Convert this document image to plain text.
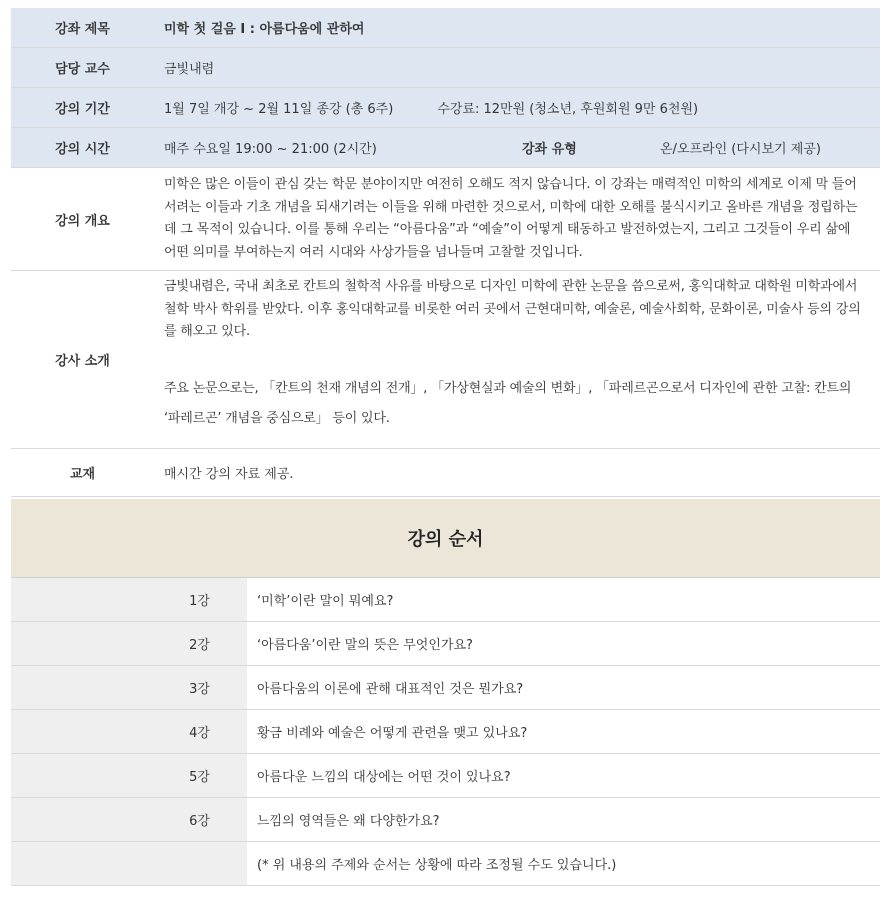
강좌 제목	미학 첫 걸음 I : 아름다움에 관하여
담당 교수	금빛내렴
강의 기간	1월 7일 개강 ~ 2월 11일 종강 (총 6주) 수강료: 12만원 (청소년, 후원회원 9만 6천원)

강의 시간	매주 수요일 19:00 ~ 21:00 (2시간) 강좌 유형 온/오프라인 (다시보기 제공)

강의 개요	미학은 많은 이들이 관심 갖는 학문 분야이지만 여전히 오해도 적지 않습니다. 이 강좌는 매력적인 미학의 세계로 이제 막 들어서려는 이들과 기초 개념을 되새기려는 이들을 위해 마련한 것으로서, 미학에 대한 오해를 불식시키고 올바른 개념을 정립하는 데 그 목적이 있습니다. 이를 통해 우리는 “아름다움”과 “예술”이 어떻게 태동하고 발전하였는지, 그리고 그것들이 우리 삶에 어떤 의미를 부여하는지 여러 시대와 사상가들을 넘나들며 고찰할 것입니다.

강사 소개	금빛내렴은, 국내 최초로 칸트의 철학적 사유를 바탕으로 디자인 미학에 관한 논문을 씀으로써, 홍익대학교 대학원 미학과에서 철학 박사 학위를 받았다. 이후 홍익대학교를 비롯한 여러 곳에서 근현대미학, 예술론, 예술사회학, 문화이론, 미술사 등의 강의를 해오고 있다.
주요 논문으로는, 「칸트의 천재 개념의 전개」, 「가상현실과 예술의 변화」, 「파레르곤으로서 디자인에 관한 고찰: 칸트의 ‘파레르곤’ 개념을 중심으로」 등이 있다.

교재	매시간 강의 자료 제공.
강의 순서
1강	‘미학’이란 말이 뭐예요?
2강	‘아름다움’이란 말의 뜻은 무엇인가요?
3강	아름다움의 이론에 관해 대표적인 것은 뭔가요?
4강	황금 비례와 예술은 어떻게 관련을 맺고 있나요?
5강	아름다운 느낌의 대상에는 어떤 것이 있나요?
6강	느낌의 영역들은 왜 다양한가요?
	(* 위 내용의 주제와 순서는 상황에 따라 조정될 수도 있습니다.)
